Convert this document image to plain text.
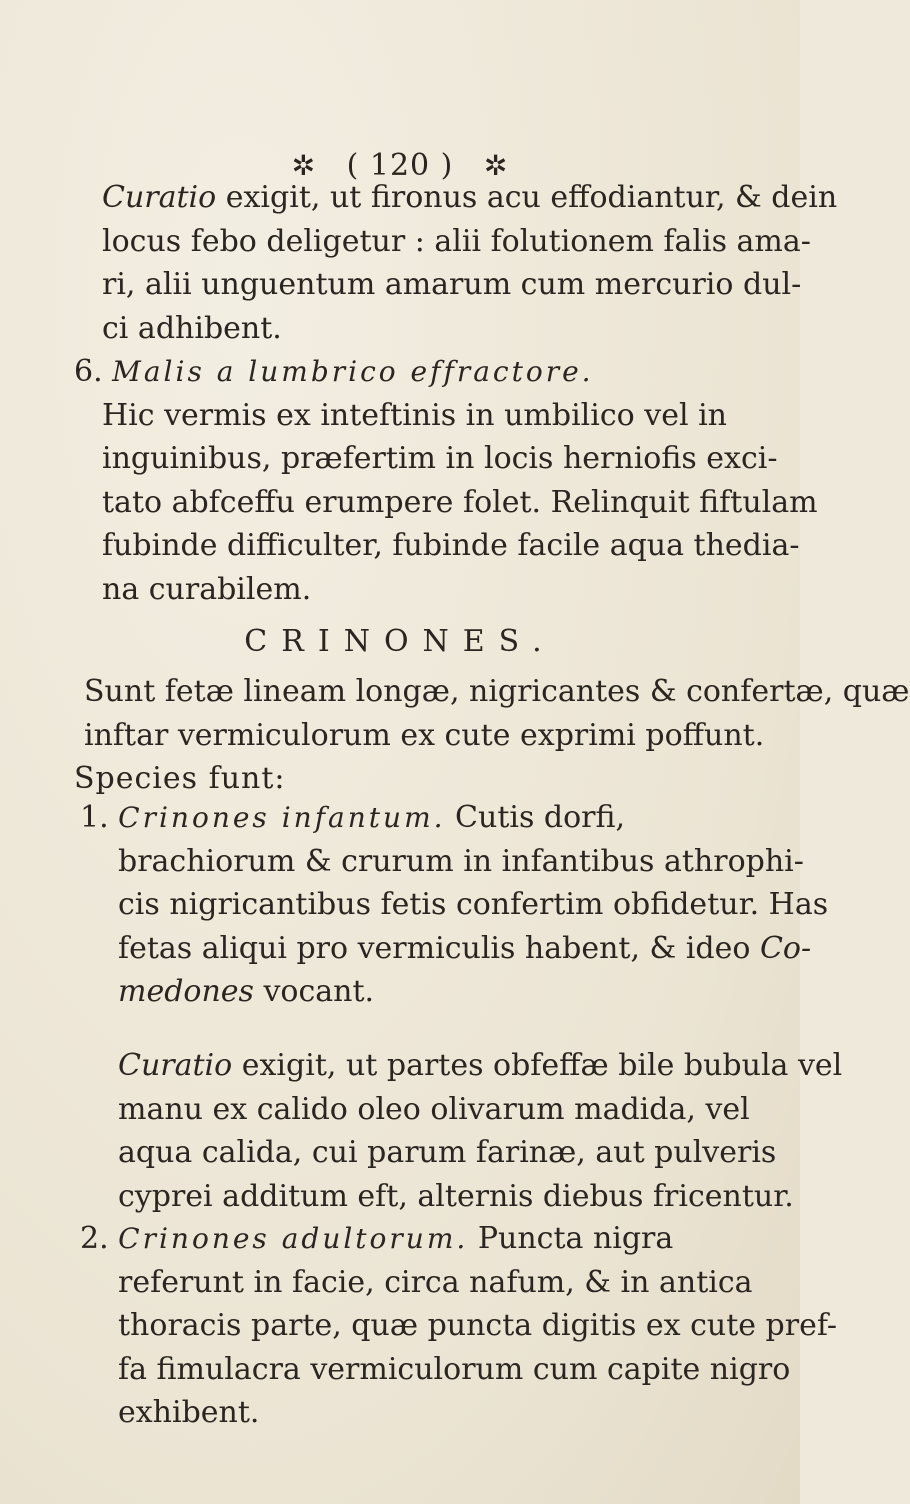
✲ ( 120 ) ✲
Curatio exigit, ut fironus acu effodiantur, & dein
locus febo deligetur : alii folutionem falis ama-
ri, alii unguentum amarum cum mercurio dul-
ci adhibent.
6. Malis a lumbrico effractore.
Hic vermis ex inteftinis in umbilico vel in
inguinibus, præfertim in locis herniofis exci-
tato abfceffu erumpere folet. Relinquit fiftulam
fubinde difficulter, fubinde facile aqua thedia-
na curabilem.
CRINONES.
Sunt fetæ lineam longæ, nigricantes & confertæ, quæ
inftar vermiculorum ex cute exprimi poffunt.
Species funt:
1. Crinones infantum. Cutis dorfi,
brachiorum & crurum in infantibus athrophi-
cis nigricantibus fetis confertim obfidetur. Has
fetas aliqui pro vermiculis habent, & ideo Co-
medones vocant.
Curatio exigit, ut partes obfeffæ bile bubula vel
manu ex calido oleo olivarum madida, vel
aqua calida, cui parum farinæ, aut pulveris
cyprei additum eft, alternis diebus fricentur.
2. Crinones adultorum. Puncta nigra
referunt in facie, circa nafum, & in antica
thoracis parte, quæ puncta digitis ex cute pref-
fa fimulacra vermiculorum cum capite nigro
exhibent.
